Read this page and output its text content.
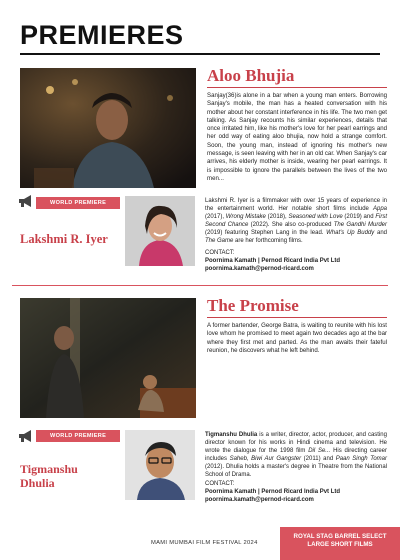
PREMIERES
Aloo Bhujia
Sanjay(36)is alone in a bar when a young man enters. Borrowing Sanjay's mobile, the man has a heated conversation with his mother about her constant interference in his life. The two men get talking. As Sanjay recounts his similar experiences, details that once irritated him, like his mother's love for her pearl earrings and her odd way of eating aloo bhujia, now hold a strange comfort. Soon, the young man, instead of ignoring his mother's new message, is seen leaving with her in an old car. When Sanjay's car arrives, his elderly mother is inside, wearing her pearl earrings. It is impossible to ignore the parallels between the lives of the two men...
WORLD PREMIERE
Lakshmi R. Iyer
Lakshmi R. Iyer is a filmmaker with over 15 years of experience in the entertainment world. Her notable short films include Appa (2017), Wrong Mistake (2018), Seasoned with Love (2019) and First Second Chance (2022). She also co-produced The Gandhi Murder (2019) featuring Stephen Lang in the lead. What's Up Buddy and The Game are her forthcoming films.
CONTACT:
Poornima Kamath | Pernod Ricard India Pvt Ltd
poornima.kamath@pernod-ricard.com
The Promise
A former bartender, George Batra, is waiting to reunite with his lost love whom he promised to meet again two decades ago at the bar where they first met and parted. As the man awaits their fateful reunion, he discovers what he left behind.
WORLD PREMIERE
Tigmanshu
Dhulia
Tigmanshu Dhulia is a writer, director, actor, producer, and casting director known for his works in Hindi cinema and television. He wrote the dialogue for the 1998 film Dil Se... His directing career includes Saheb, Biwi Aur Gangster (2011) and Paan Singh Tomar (2012). Dhulia holds a master's degree in Theatre from the National School of Drama.
CONTACT:
Poornima Kamath | Pernod Ricard India Pvt Ltd
poornima.kamath@pernod-ricard.com
MAMI MUMBAI FILM FESTIVAL 2024
ROYAL STAG BARREL SELECT
LARGE SHORT FILMS
